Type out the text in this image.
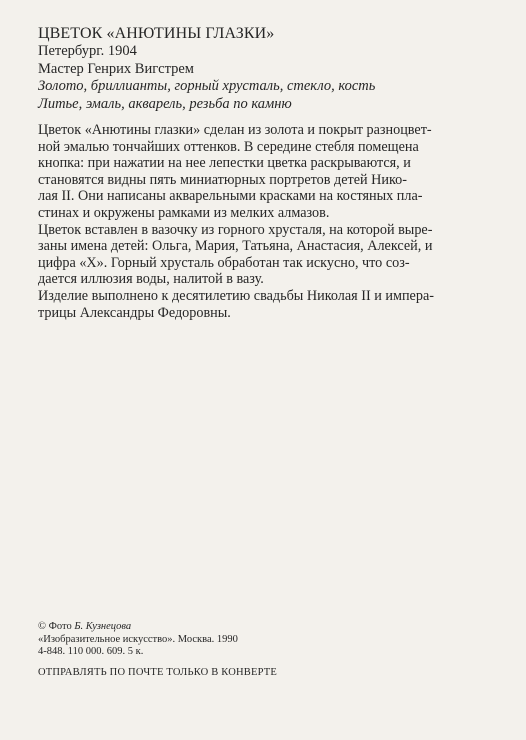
ЦВЕТОК «АНЮТИНЫ ГЛАЗКИ»
Петербург. 1904
Мастер Генрих Вигстрем
Золото, бриллианты, горный хрусталь, стекло, кость
Литье, эмаль, акварель, резьба по камню
Цветок «Анютины глазки» сделан из золота и покрыт разноцвет-
ной эмалью тончайших оттенков. В середине стебля помещена
кнопка: при нажатии на нее лепестки цветка раскрываются, и
становятся видны пять миниатюрных портретов детей Нико-
лая II. Они написаны акварельными красками на костяных пла-
стинах и окружены рамками из мелких алмазов.
Цветок вставлен в вазочку из горного хрусталя, на которой выре-
заны имена детей: Ольга, Мария, Татьяна, Анастасия, Алексей, и
цифра «Х». Горный хрусталь обработан так искусно, что соз-
дается иллюзия воды, налитой в вазу.
Изделие выполнено к десятилетию свадьбы Николая II и импера-
трицы Александры Федоровны.
© Фото Б. Кузнецова
«Изобразительное искусство». Москва. 1990
4-848. 110 000. 609. 5 к.
ОТПРАВЛЯТЬ ПО ПОЧТЕ ТОЛЬКО В КОНВЕРТЕ
